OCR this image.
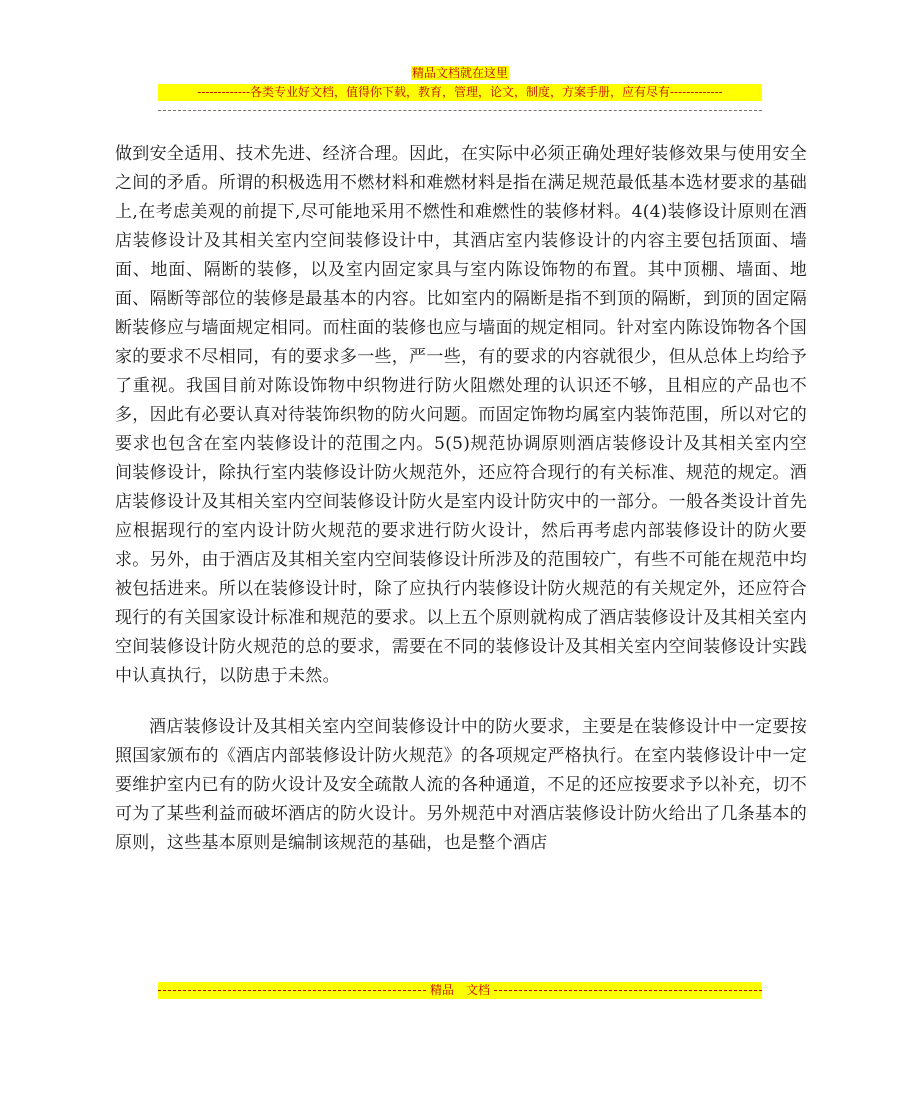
精品文档就在这里
-------------各类专业好文档，值得你下载，教育，管理，论文，制度，方案手册，应有尽有-------------

做到安全适用、技术先进、经济合理。因此，在实际中必须正确处理好装修效果与使用安全之间的矛盾。所谓的积极选用不燃材料和难燃材料是指在满足规范最低基本选材要求的基础上,在考虑美观的前提下,尽可能地采用不燃性和难燃性的装修材料。4(4)装修设计原则在酒店装修设计及其相关室内空间装修设计中，其酒店室内装修设计的内容主要包括顶面、墙面、地面、隔断的装修，以及室内固定家具与室内陈设饰物的布置。其中顶棚、墙面、地面、隔断等部位的装修是最基本的内容。比如室内的隔断是指不到顶的隔断，到顶的固定隔断装修应与墙面规定相同。而柱面的装修也应与墙面的规定相同。针对室内陈设饰物各个国家的要求不尽相同，有的要求多一些，严一些，有的要求的内容就很少，但从总体上均给予了重视。我国目前对陈设饰物中织物进行防火阻燃处理的认识还不够，且相应的产品也不多，因此有必要认真对待装饰织物的防火问题。而固定饰物均属室内装饰范围，所以对它的要求也包含在室内装修设计的范围之内。5(5)规范协调原则酒店装修设计及其相关室内空间装修设计，除执行室内装修设计防火规范外，还应符合现行的有关标准、规范的规定。酒店装修设计及其相关室内空间装修设计防火是室内设计防灾中的一部分。一般各类设计首先应根据现行的室内设计防火规范的要求进行防火设计，然后再考虑内部装修设计的防火要求。另外，由于酒店及其相关室内空间装修设计所涉及的范围较广，有些不可能在规范中均被包括进来。所以在装修设计时，除了应执行内装修设计防火规范的有关规定外，还应符合现行的有关国家设计标准和规范的要求。以上五个原则就构成了酒店装修设计及其相关室内空间装修设计防火规范的总的要求，需要在不同的装修设计及其相关室内空间装修设计实践中认真执行，以防患于未然。

酒店装修设计及其相关室内空间装修设计中的防火要求，主要是在装修设计中一定要按照国家颁布的《酒店内部装修设计防火规范》的各项规定严格执行。在室内装修设计中一定要维护室内已有的防火设计及安全疏散人流的各种通道，不足的还应按要求予以补充，切不可为了某些利益而破坏酒店的防火设计。另外规范中对酒店装修设计防火给出了几条基本的原则，这些基本原则是编制该规范的基础，也是整个酒店

精品　文档
